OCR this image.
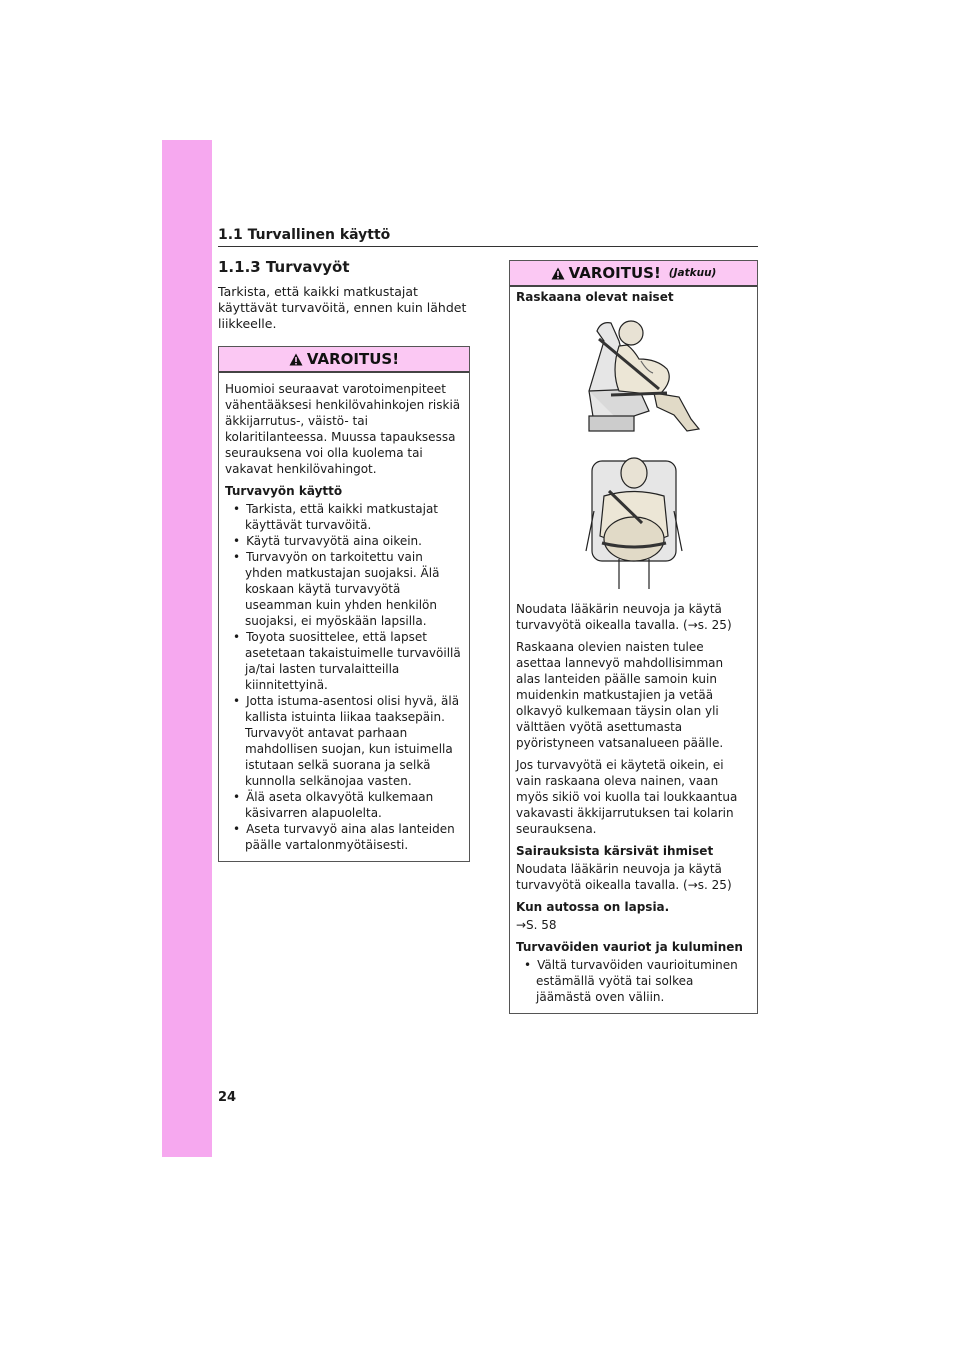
1.1 Turvallinen käyttö
1.1.3 Turvavyöt

Tarkista, että kaikki matkustajat käyttävät turvavöitä, ennen kuin lähdet liikkeelle.

VAROITUS!

Huomioi seuraavat varotoimenpiteet vähentääksesi henkilövahinkojen riskiä äkkijarrutus-, väistö- tai kolaritilanteessa. Muussa tapauksessa seurauksena voi olla kuolema tai vakavat henkilövahingot.

Turvavyön käyttö

• Tarkista, että kaikki matkustajat käyttävät turvavöitä.
• Käytä turvavyötä aina oikein.
• Turvavyön on tarkoitettu vain yhden matkustajan suojaksi. Älä koskaan käytä turvavyötä useamman kuin yhden henkilön suojaksi, ei myöskään lapsilla.
• Toyota suosittelee, että lapset asetetaan takaistuimelle turvavöillä ja/tai lasten turvalaitteilla kiinnitettyinä.
• Jotta istuma-asentosi olisi hyvä, älä kallista istuinta liikaa taaksepäin. Turvavyöt antavat parhaan mahdollisen suojan, kun istuimella istutaan selkä suorana ja selkä kunnolla selkänojaa vasten.
• Älä aseta olkavyötä kulkemaan käsivarren alapuolelta.
• Aseta turvavyö aina alas lanteiden päälle vartalonmyötäisesti.
VAROITUS! (Jatkuu)

Raskaana olevat naiset

Noudata lääkärin neuvoja ja käytä turvavyötä oikealla tavalla. (→s. 25)

Raskaana olevien naisten tulee asettaa lannevyö mahdollisimman alas lanteiden päälle samoin kuin muidenkin matkustajien ja vetää olkavyö kulkemaan täysin olan yli välttäen vyötä asettumasta pyöristyneen vatsanalueen päälle.

Jos turvavyötä ei käytetä oikein, ei vain raskaana oleva nainen, vaan myös sikiö voi kuolla tai loukkaantua vakavasti äkkijarrutuksen tai kolarin seurauksena.

Sairauksista kärsivät ihmiset

Noudata lääkärin neuvoja ja käytä turvavyötä oikealla tavalla. (→s. 25)

Kun autossa on lapsia.

→S. 58

Turvavöiden vauriot ja kuluminen

• Vältä turvavöiden vaurioituminen estämällä vyötä tai solkea jäämästä oven väliin.
24
